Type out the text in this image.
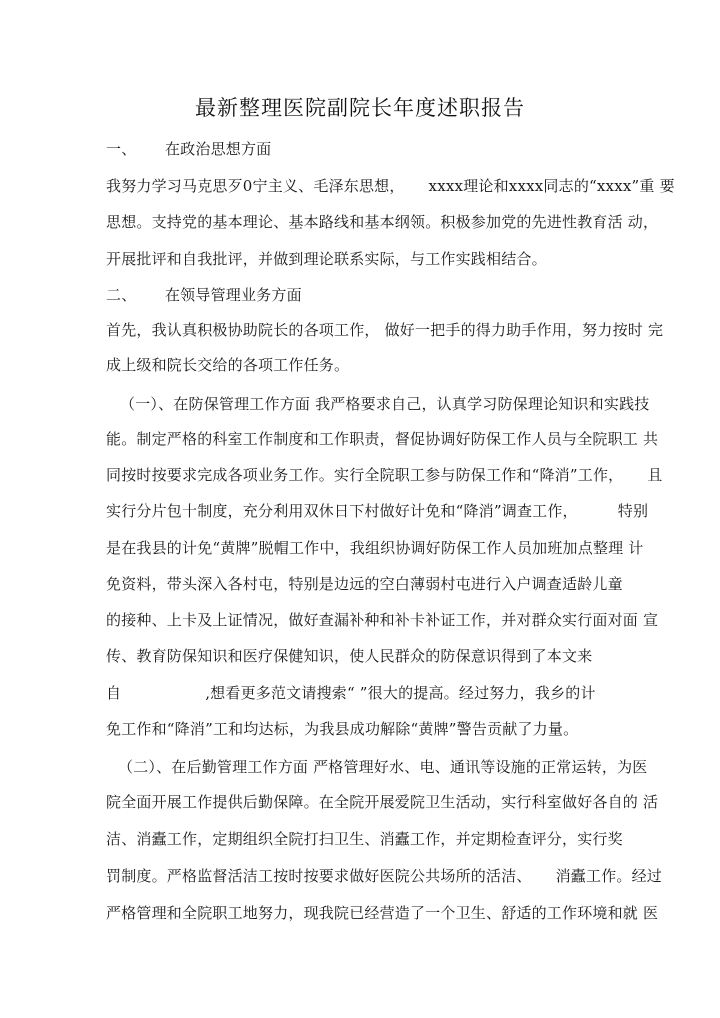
最新整理医院副院长年度述职报告
一、 在政治思想方面
我努力学习马克思歹0宁主义、毛泽东思想， xxxx理论和xxxx同志的“xxxx”重 要
思想。支持党的基本理论、基本路线和基本纲领。积极参加党的先进性教育活 动，
开展批评和自我批评，并做到理论联系实际，与工作实践相结合。
二、 在领导管理业务方面
首先，我认真积极协助院长的各项工作， 做好一把手的得力助手作用，努力按时 完
成上级和院长交给的各项工作任务。
（一）、在防保管理工作方面 我严格要求自己，认真学习防保理论知识和实践技
能。制定严格的科室工作制度和工作职责，督促协调好防保工作人员与全院职工 共
同按时按要求完成各项业务工作。实行全院职工参与防保工作和“降消”工作， 且
实行分片包十制度，充分利用双休日下村做好计免和“降消”调查工作，	特别
是在我县的计免“黄牌”脱帽工作中，我组织协调好防保工作人员加班加点整理 计
免资料，带头深入各村屯，特别是边远的空白薄弱村屯进行入户调查适龄儿童
的接种、上卡及上证情况，做好查漏补种和补卡补证工作，并对群众实行面对面 宣
传、教育防保知识和医疗保健知识，使人民群众的防保意识得到了本文来
自	,想看更多范文请搜索“ ”很大的提高。经过努力，我乡的计
免工作和“降消”工和均达标，为我县成功解除“黄牌”警告贡献了力量。
（二）、在后勤管理工作方面 严格管理好水、电、通讯等设施的正常运转，为医
院全面开展工作提供后勤保障。在全院开展爱院卫生活动，实行科室做好各自的 活
洁、消蠹工作，定期组织全院打扫卫生、消蠹工作，并定期检查评分，实行奖
罚制度。严格监督活洁工按时按要求做好医院公共场所的活洁、 消蠹工作。经过
严格管理和全院职工地努力，现我院已经营造了一个卫生、舒适的工作环境和就 医
